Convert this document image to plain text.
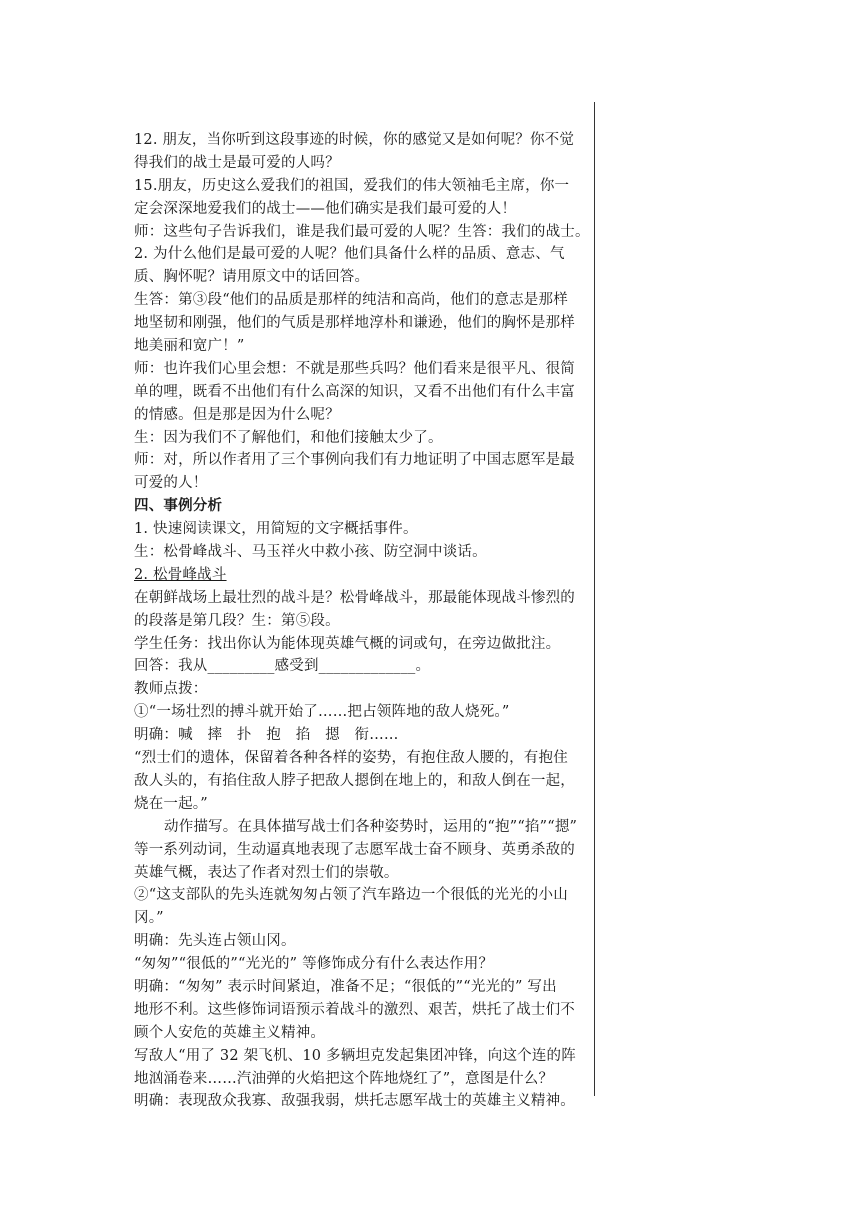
12. 朋友，当你听到这段事迹的时候，你的感觉又是如何呢？你不觉
得我们的战士是最可爱的人吗？
15.朋友，历史这么爱我们的祖国，爱我们的伟大领袖毛主席，你一
定会深深地爱我们的战士——他们确实是我们最可爱的人！
师：这些句子告诉我们，谁是我们最可爱的人呢？生答：我们的战士。
2. 为什么他们是最可爱的人呢？他们具备什么样的品质、意志、气
质、胸怀呢？请用原文中的话回答。
生答：第③段“他们的品质是那样的纯洁和高尚，他们的意志是那样
地坚韧和刚强，他们的气质是那样地淳朴和谦逊，他们的胸怀是那样
地美丽和宽广！”
师：也许我们心里会想：不就是那些兵吗？他们看来是很平凡、很简
单的哩，既看不出他们有什么高深的知识，又看不出他们有什么丰富
的情感。但是那是因为什么呢？
生：因为我们不了解他们，和他们接触太少了。
师：对，所以作者用了三个事例向我们有力地证明了中国志愿军是最
可爱的人！
四、事例分析
1. 快速阅读课文，用简短的文字概括事件。
生：松骨峰战斗、马玉祥火中救小孩、防空洞中谈话。
2. 松骨峰战斗
在朝鲜战场上最壮烈的战斗是？松骨峰战斗，那最能体现战斗惨烈的
的段落是第几段？生：第⑤段。
学生任务：找出你认为能体现英雄气概的词或句，在旁边做批注。
回答：我从_________感受到_____________。
教师点拨：
①“一场壮烈的搏斗就开始了……把占领阵地的敌人烧死。”
明确：喊　摔　扑　抱　掐　摁　衔……
“烈士们的遗体，保留着各种各样的姿势，有抱住敌人腰的，有抱住
敌人头的，有掐住敌人脖子把敌人摁倒在地上的，和敌人倒在一起，
烧在一起。”
动作描写。在具体描写战士们各种姿势时，运用的“抱”“掐”“摁”
等一系列动词，生动逼真地表现了志愿军战士奋不顾身、英勇杀敌的
英雄气概，表达了作者对烈士们的崇敬。
②“这支部队的先头连就匆匆占领了汽车路边一个很低的光光的小山
冈。”
明确：先头连占领山冈。
“匆匆”“很低的”“光光的” 等修饰成分有什么表达作用？
明确：“匆匆” 表示时间紧迫，准备不足；“很低的”“光光的” 写出
地形不利。这些修饰词语预示着战斗的激烈、艰苦，烘托了战士们不
顾个人安危的英雄主义精神。
写敌人“用了 32 架飞机、10 多辆坦克发起集团冲锋，向这个连的阵
地汹涌卷来……汽油弹的火焰把这个阵地烧红了”，意图是什么？
明确：表现敌众我寡、敌强我弱，烘托志愿军战士的英雄主义精神。
